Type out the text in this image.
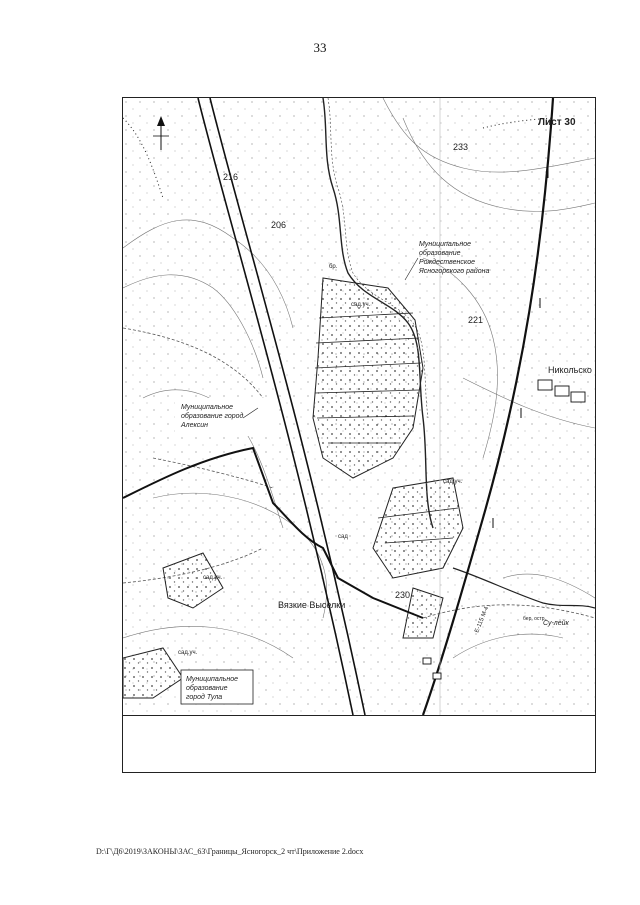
33
Лист 30
233
216
206
221
230
Никольско
Вязкие Выселки
Муниципальное
образование
Рождественское
Ясногорского района
Муниципальное
образование город
Алексин
Муниципальное
образование
город Тула
сад.уч.
сад.уч.
сад.уч.
сад.уч.
сад
бр.
Су-лейк
бер. остр.
Е-115 М-4
D:\Г\Д6\2019\ЗАКОНЫ\ЗАС_63\Границы_Ясногорск_2 чт\Приложение 2.docx
